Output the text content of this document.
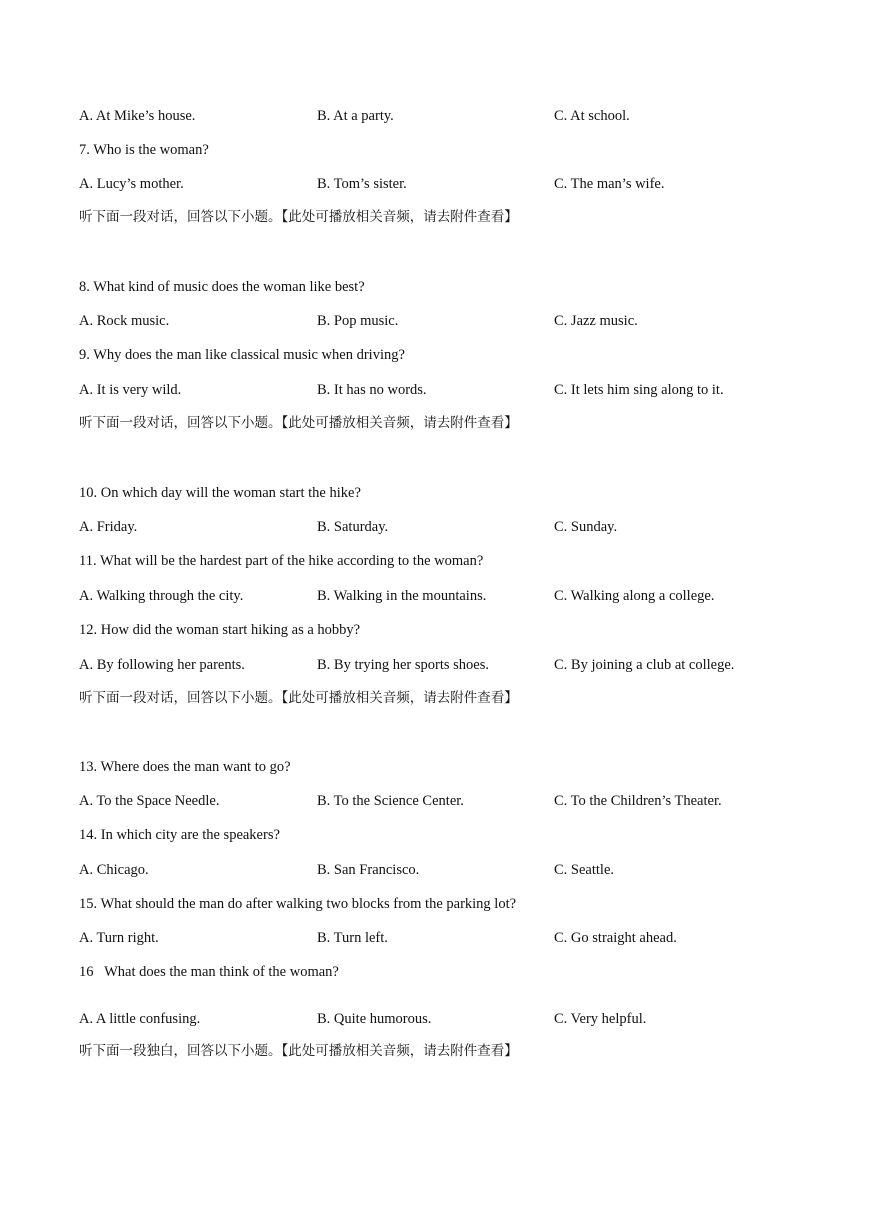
A. At Mike’s house.	B. At a party.	C. At school.
7. Who is the woman?
A. Lucy’s mother.	B. Tom’s sister.	C. The man’s wife.
听下面一段对话，回答以下小题。【此处可播放相关音频，请去附件查看】
8. What kind of music does the woman like best?
A. Rock music.	B. Pop music.	C. Jazz music.
9. Why does the man like classical music when driving?
A. It is very wild.	B. It has no words.	C. It lets him sing along to it.
听下面一段对话，回答以下小题。【此处可播放相关音频，请去附件查看】
10. On which day will the woman start the hike?
A. Friday.	B. Saturday.	C. Sunday.
11. What will be the hardest part of the hike according to the woman?
A. Walking through the city.	B. Walking in the mountains.	C. Walking along a college.
12. How did the woman start hiking as a hobby?
A. By following her parents.	B. By trying her sports shoes.	C. By joining a club at college.
听下面一段对话，回答以下小题。【此处可播放相关音频，请去附件查看】
13. Where does the man want to go?
A. To the Space Needle.	B. To the Science Center.	C. To the Children’s Theater.
14. In which city are the speakers?
A. Chicago.	B. San Francisco.	C. Seattle.
15. What should the man do after walking two blocks from the parking lot?
A. Turn right.	B. Turn left.	C. Go straight ahead.
16   What does the man think of the woman?
A. A little confusing.	B. Quite humorous.	C. Very helpful.
听下面一段独白，回答以下小题。【此处可播放相关音频，请去附件查看】
